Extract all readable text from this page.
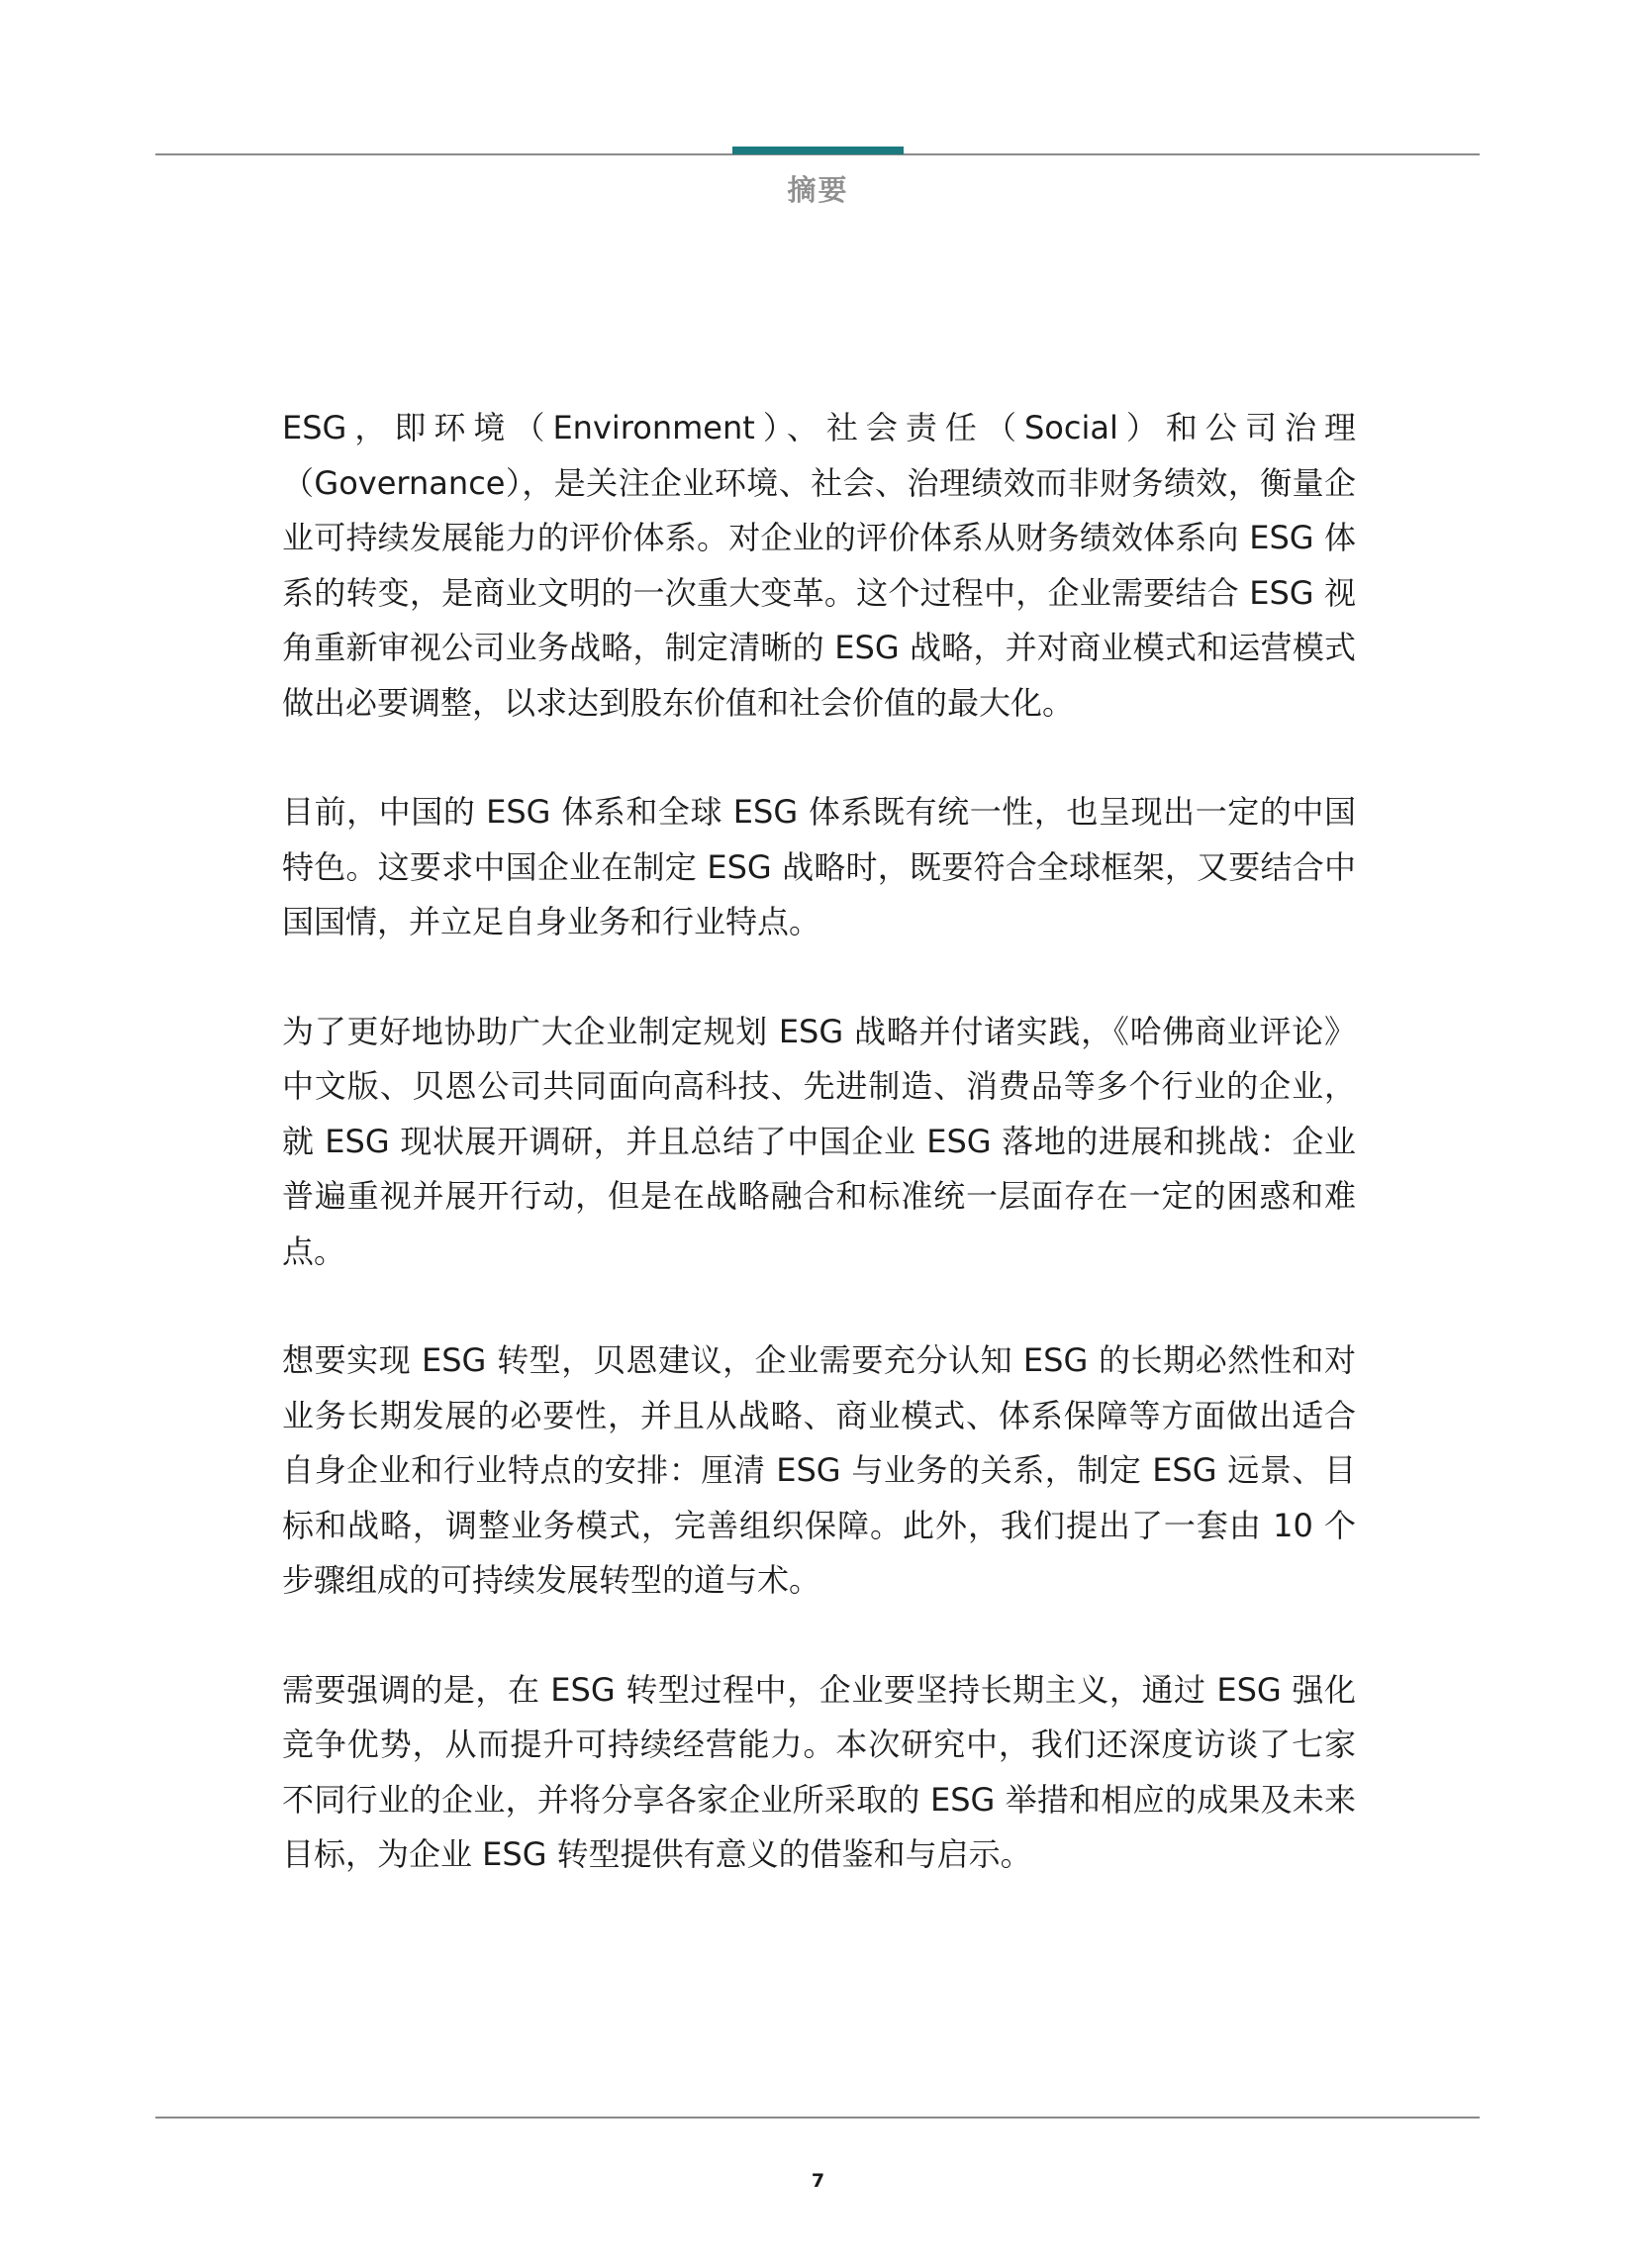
摘要

ESG，即环境（Environment）、社会责任（Social）和公司治理（Governance），是关注企业环境、社会、治理绩效而非财务绩效，衡量企业可持续发展能力的评价体系。对企业的评价体系从财务绩效体系向 ESG 体系的转变，是商业文明的一次重大变革。这个过程中，企业需要结合 ESG 视角重新审视公司业务战略，制定清晰的 ESG 战略，并对商业模式和运营模式做出必要调整，以求达到股东价值和社会价值的最大化。

目前，中国的 ESG 体系和全球 ESG 体系既有统一性，也呈现出一定的中国特色。这要求中国企业在制定 ESG 战略时，既要符合全球框架，又要结合中国国情，并立足自身业务和行业特点。

为了更好地协助广大企业制定规划 ESG 战略并付诸实践，《哈佛商业评论》中文版、贝恩公司共同面向高科技、先进制造、消费品等多个行业的企业，就 ESG 现状展开调研，并且总结了中国企业 ESG 落地的进展和挑战：企业普遍重视并展开行动，但是在战略融合和标准统一层面存在一定的困惑和难点。

想要实现 ESG 转型，贝恩建议，企业需要充分认知 ESG 的长期必然性和对业务长期发展的必要性，并且从战略、商业模式、体系保障等方面做出适合自身企业和行业特点的安排：厘清 ESG 与业务的关系，制定 ESG 远景、目标和战略，调整业务模式，完善组织保障。此外，我们提出了一套由 10 个步骤组成的可持续发展转型的道与术。

需要强调的是，在 ESG 转型过程中，企业要坚持长期主义，通过 ESG 强化竞争优势，从而提升可持续经营能力。本次研究中，我们还深度访谈了七家不同行业的企业，并将分享各家企业所采取的 ESG 举措和相应的成果及未来目标，为企业 ESG 转型提供有意义的借鉴和与启示。

7
